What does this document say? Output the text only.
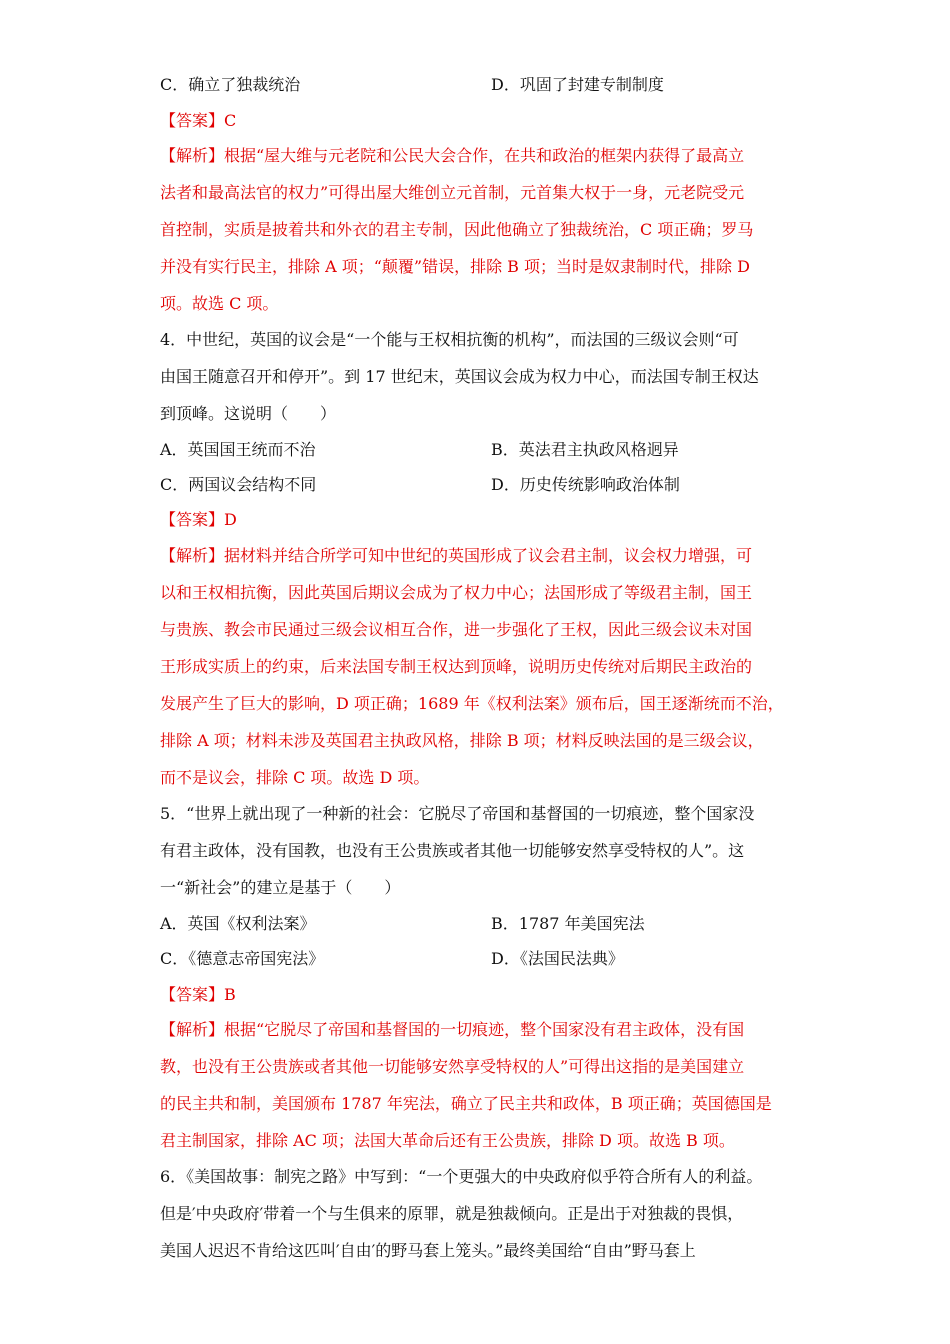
C．确立了独裁统治	D．巩固了封建专制制度
【答案】C
【解析】根据“屋大维与元老院和公民大会合作，在共和政治的框架内获得了最高立
法者和最高法官的权力”可得出屋大维创立元首制，元首集大权于一身，元老院受元
首控制，实质是披着共和外衣的君主专制，因此他确立了独裁统治，C 项正确；罗马
并没有实行民主，排除 A 项；“颠覆”错误，排除 B 项；当时是奴隶制时代，排除 D
项。故选 C 项。
4．中世纪，英国的议会是“一个能与王权相抗衡的机构”，而法国的三级议会则“可
由国王随意召开和停开”。到 17 世纪末，英国议会成为权力中心，而法国专制王权达
到顶峰。这说明（　　）
A．英国国王统而不治	B．英法君主执政风格迥异
C．两国议会结构不同	D．历史传统影响政治体制
【答案】D
【解析】据材料并结合所学可知中世纪的英国形成了议会君主制，议会权力增强，可
以和王权相抗衡，因此英国后期议会成为了权力中心；法国形成了等级君主制，国王
与贵族、教会市民通过三级会议相互合作，进一步强化了王权，因此三级会议未对国
王形成实质上的约束，后来法国专制王权达到顶峰，说明历史传统对后期民主政治的
发展产生了巨大的影响，D 项正确；1689 年《权利法案》颁布后，国王逐渐统而不治，
排除 A 项；材料未涉及英国君主执政风格，排除 B 项；材料反映法国的是三级会议，
而不是议会，排除 C 项。故选 D 项。
5．“世界上就出现了一种新的社会：它脱尽了帝国和基督国的一切痕迹，整个国家没
有君主政体，没有国教，也没有王公贵族或者其他一切能够安然享受特权的人”。这
一“新社会”的建立是基于（　　）
A．英国《权利法案》	B．1787 年美国宪法
C．《德意志帝国宪法》	D．《法国民法典》
【答案】B
【解析】根据“它脱尽了帝国和基督国的一切痕迹，整个国家没有君主政体，没有国
教，也没有王公贵族或者其他一切能够安然享受特权的人”可得出这指的是美国建立
的民主共和制，美国颁布 1787 年宪法，确立了民主共和政体，B 项正确；英国德国是
君主制国家，排除 AC 项；法国大革命后还有王公贵族，排除 D 项。故选 B 项。
6．《美国故事：制宪之路》中写到：“一个更强大的中央政府似乎符合所有人的利益。
但是′中央政府′带着一个与生俱来的原罪，就是独裁倾向。正是出于对独裁的畏惧，
美国人迟迟不肯给这匹叫′自由′的野马套上笼头。”最终美国给“自由”野马套上
